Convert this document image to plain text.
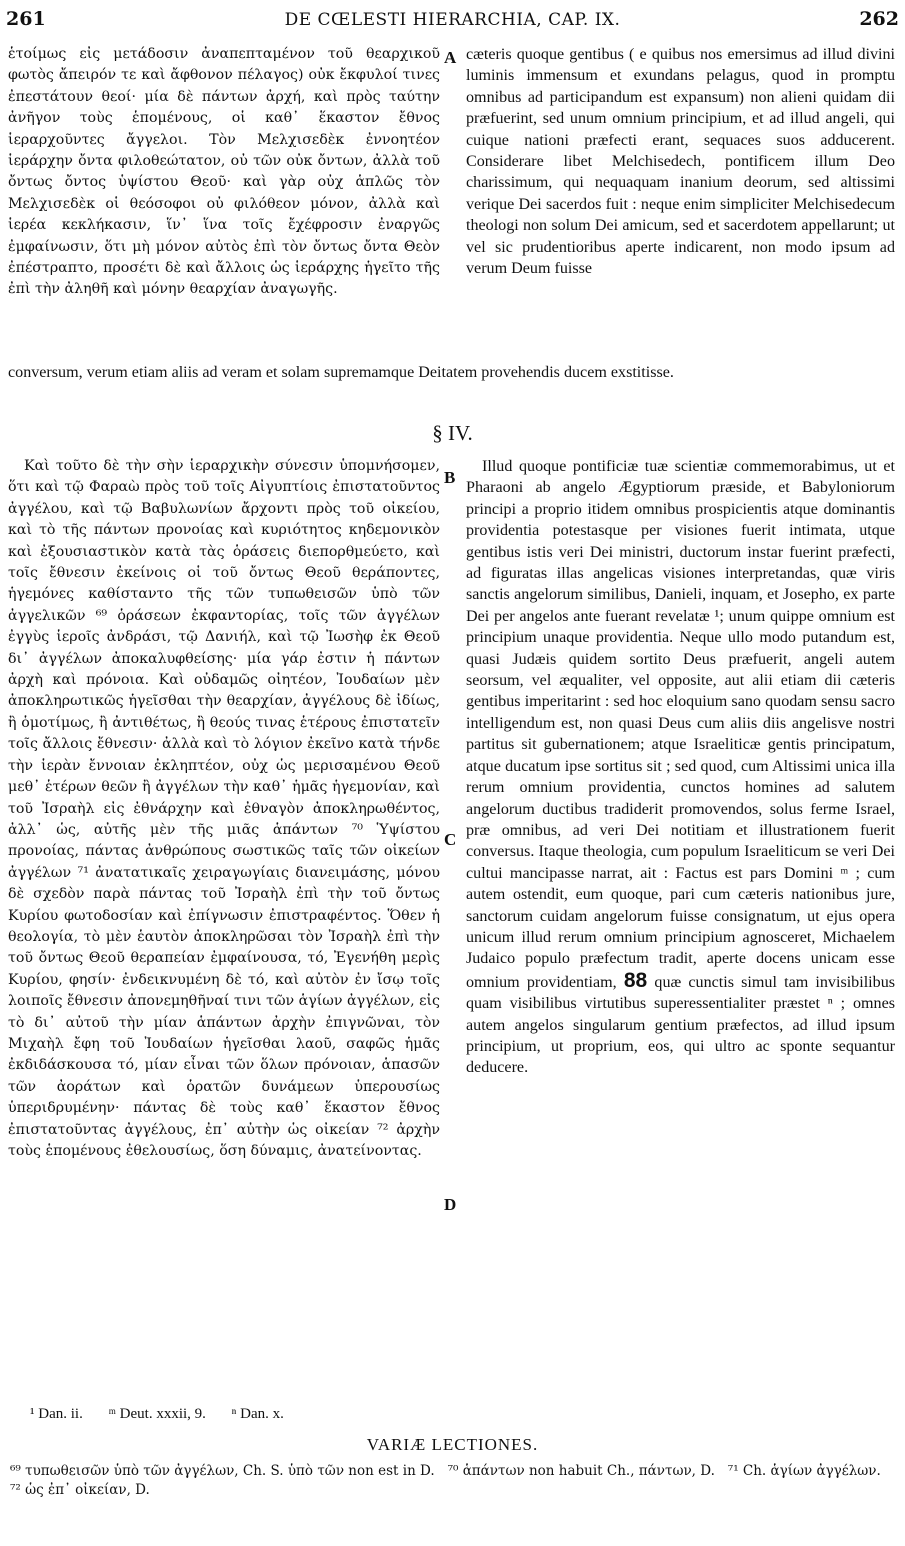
261	DE CŒLESTI HIERARCHIA, CAP. IX.	262

ἑτοίμως εἰς μετάδοσιν ἀναπεπταμένον τοῦ θεαρχικοῦ φωτὸς ἄπειρόν τε καὶ ἄφθονον πέλαγος) οὐκ ἔκφυλοί τινες ἐπεστάτουν θεοί· μία δὲ πάντων ἀρχή, καὶ πρὸς ταύτην ἀνῆγον τοὺς ἑπομένους, οἱ καθ᾽ ἕκαστον ἔθνος ἱεραρχοῦντες ἄγγελοι. Τὸν Μελχισεδὲκ ἐννοητέον ἱεράρχην ὄντα φιλοθεώτατον, οὐ τῶν οὐκ ὄντων, ἀλλὰ τοῦ ὄντως ὄντος ὑψίστου Θεοῦ· καὶ γὰρ οὐχ ἁπλῶς τὸν Μελχισεδὲκ οἱ θεόσοφοι οὐ φιλόθεον μόνον, ἀλλὰ καὶ ἱερέα κεκλήκασιν, ἵν᾽ ἵνα τοῖς ἔχέφροσιν ἐναργῶς ἐμφαίνωσιν, ὅτι μὴ μόνον αὐτὸς ἐπὶ τὸν ὄντως ὄντα Θεὸν ἐπέστραπτο, προσέτι δὲ καὶ ἄλλοις ὡς ἱεράρχης ἡγεῖτο τῆς ἐπὶ τὴν ἀληθῆ καὶ μόνην θεαρχίαν ἀναγωγῆς.

A cæteris quoque gentibus ( e quibus nos emersimus ad illud divini luminis immensum et exundans pelagus, quod in promptu omnibus ad participandum est expansum) non alieni quidam dii præfuerint, sed unum omnium principium, et ad illud angeli, qui cuique nationi præfecti erant, sequaces suos adducerent. Considerare libet Melchisedech, pontificem illum Deo charissimum, qui nequaquam inanium deorum, sed altissimi verique Dei sacerdos fuit : neque enim simpliciter Melchisedecum theologi non solum Dei amicum, sed et sacerdotem appellarunt; ut vel sic prudentioribus aperte indicarent, non modo ipsum ad verum Deum fuisse

conversum, verum etiam aliis ad veram et solam supremamque Deitatem provehendis ducem exstitisse.
§ IV.

Καὶ τοῦτο δὲ τὴν σὴν ἱεραρχικὴν σύνεσιν ὑπομνήσομεν, ὅτι καὶ τῷ Φαραὼ πρὸς τοῦ τοῖς Αἰγυπτίοις ἐπιστατοῦντος ἀγγέλου, καὶ τῷ Βαβυλωνίων ἄρχοντι πρὸς τοῦ οἰκείου, καὶ τὸ τῆς πάντων προνοίας καὶ κυριότητος κηδεμονικὸν καὶ ἐξουσιαστικὸν κατὰ τὰς ὁράσεις διεπορθμεύετο, καὶ τοῖς ἔθνεσιν ἐκείνοις οἱ τοῦ ὄντως Θεοῦ θεράποντες, ἡγεμόνες καθίσταντο τῆς τῶν τυπωθεισῶν ὑπὸ τῶν ἀγγελικῶν ⁶⁹ ὁράσεων ἐκφαντορίας, τοῖς τῶν ἀγγέλων ἐγγὺς ἱεροῖς ἀνδράσι, τῷ Δανιήλ, καὶ τῷ Ἰωσὴφ ἐκ Θεοῦ δι᾽ ἀγγέλων ἀποκαλυφθείσης· μία γάρ ἐστιν ἡ πάντων ἀρχὴ καὶ πρόνοια. Καὶ οὐδαμῶς οἰητέον, Ἰουδαίων μὲν ἀποκληρωτικῶς ἡγεῖσθαι τὴν θεαρχίαν, ἀγγέλους δὲ ἰδίως, ἢ ὁμοτίμως, ἢ ἀντιθέτως, ἢ θεούς τινας ἑτέρους ἐπιστατεῖν τοῖς ἄλλοις ἔθνεσιν· ἀλλὰ καὶ τὸ λόγιον ἐκεῖνο κατὰ τήνδε τὴν ἱερὰν ἔννοιαν ἐκληπτέον, οὐχ ὡς μερισαμένου Θεοῦ μεθ᾽ ἑτέρων θεῶν ἢ ἀγγέλων τὴν καθ᾽ ἡμᾶς ἡγεμονίαν, καὶ τοῦ Ἰσραὴλ εἰς ἐθνάρχην καὶ ἐθναγὸν ἀποκληρωθέντος, ἀλλ᾽ ὡς, αὐτῆς μὲν τῆς μιᾶς ἁπάντων ⁷⁰ Ὑψίστου προνοίας, πάντας ἀνθρώπους σωστικῶς ταῖς τῶν οἰκείων ἀγγέλων ⁷¹ ἀνατατικαῖς χειραγωγίαις διανειμάσης, μόνου δὲ σχεδὸν παρὰ πάντας τοῦ Ἰσραὴλ ἐπὶ τὴν τοῦ ὄντως Κυρίου φωτοδοσίαν καὶ ἐπίγνωσιν ἐπιστραφέντος. Ὅθεν ἡ θεολογία, τὸ μὲν ἑαυτὸν ἀποκληρῶσαι τὸν Ἰσραὴλ ἐπὶ τὴν τοῦ ὄντως Θεοῦ θεραπείαν ἐμφαίνουσα, τό, Ἐγενήθη μερὶς Κυρίου, φησίν· ἐνδεικνυμένη δὲ τό, καὶ αὐτὸν ἐν ἴσῳ τοῖς λοιποῖς ἔθνεσιν ἀπονεμηθῆναί τινι τῶν ἁγίων ἀγγέλων, εἰς τὸ δι᾽ αὐτοῦ τὴν μίαν ἁπάντων ἀρχὴν ἐπιγνῶναι, τὸν Μιχαὴλ ἔφη τοῦ Ἰουδαίων ἡγεῖσθαι λαοῦ, σαφῶς ἡμᾶς ἐκδιδάσκουσα τό, μίαν εἶναι τῶν ὅλων πρόνοιαν, ἁπασῶν τῶν ἀοράτων καὶ ὁρατῶν δυνάμεων ὑπερουσίως ὑπεριδρυμένην· πάντας δὲ τοὺς καθ᾽ ἕκαστον ἔθνος ἐπιστατοῦντας ἀγγέλους, ἐπ᾽ αὐτὴν ὡς οἰκείαν ⁷² ἀρχὴν τοὺς ἑπομένους ἐθελουσίως, ὅση δύναμις, ἀνατείνοντας.

B
C
D

Illud quoque pontificiæ tuæ scientiæ commemorabimus, ut et Pharaoni ab angelo Ægyptiorum præside, et Babyloniorum principi a proprio itidem omnibus prospicientis atque dominantis providentia potestasque per visiones fuerit intimata, utque gentibus istis veri Dei ministri, ductorum instar fuerint præfecti, ad figuratas illas angelicas visiones interpretandas, quæ viris sanctis angelorum similibus, Danieli, inquam, et Josepho, ex parte Dei per angelos ante fuerant revelatæ ¹; unum quippe omnium est principium unaque providentia. Neque ullo modo putandum est, quasi Judæis quidem sortito Deus præfuerit, angeli autem seorsum, vel æqualiter, vel opposite, aut alii etiam dii cæteris gentibus imperitarint : sed hoc eloquium sano quodam sensu sacro intelligendum est, non quasi Deus cum aliis diis angelisve nostri partitus sit gubernationem; atque Israeliticæ gentis principatum, atque ducatum ipse sortitus sit ; sed quod, cum Altissimi unica illa rerum omnium providentia, cunctos homines ad salutem angelorum ductibus tradiderit promovendos, solus ferme Israel, præ omnibus, ad veri Dei notitiam et illustrationem fuerit conversus. Itaque theologia, cum populum Israeliticum se veri Dei cultui mancipasse narrat, ait : Factus est pars Domini ᵐ ; cum autem ostendit, eum quoque, pari cum cæteris nationibus jure, sanctorum cuidam angelorum fuisse consignatum, ut ejus opera unicum illud rerum omnium principium agnosceret, Michaelem Judaico populo præfectum tradit, aperte docens unicam esse omnium providentiam, 88 quæ cunctis simul tam invisibilibus quam visibilibus virtutibus superessentialiter præstet ⁿ ; omnes autem angelos singularum gentium præfectos, ad illud ipsum principium, ut proprium, eos, qui ultro ac sponte sequantur deducere.

¹ Dan. ii. ᵐ Deut. xxxii, 9. ⁿ Dan. x.
VARIÆ LECTIONES.
⁶⁹ τυπωθεισῶν ὑπὸ τῶν ἀγγέλων, Ch. S. ὑπὸ τῶν non est in D. ⁷⁰ ἁπάντων non habuit Ch., πάντων, D. ⁷¹ Ch. ἁγίων ἀγγέλων.   ⁷² ὡς ἐπ᾽ οἰκείαν, D.
